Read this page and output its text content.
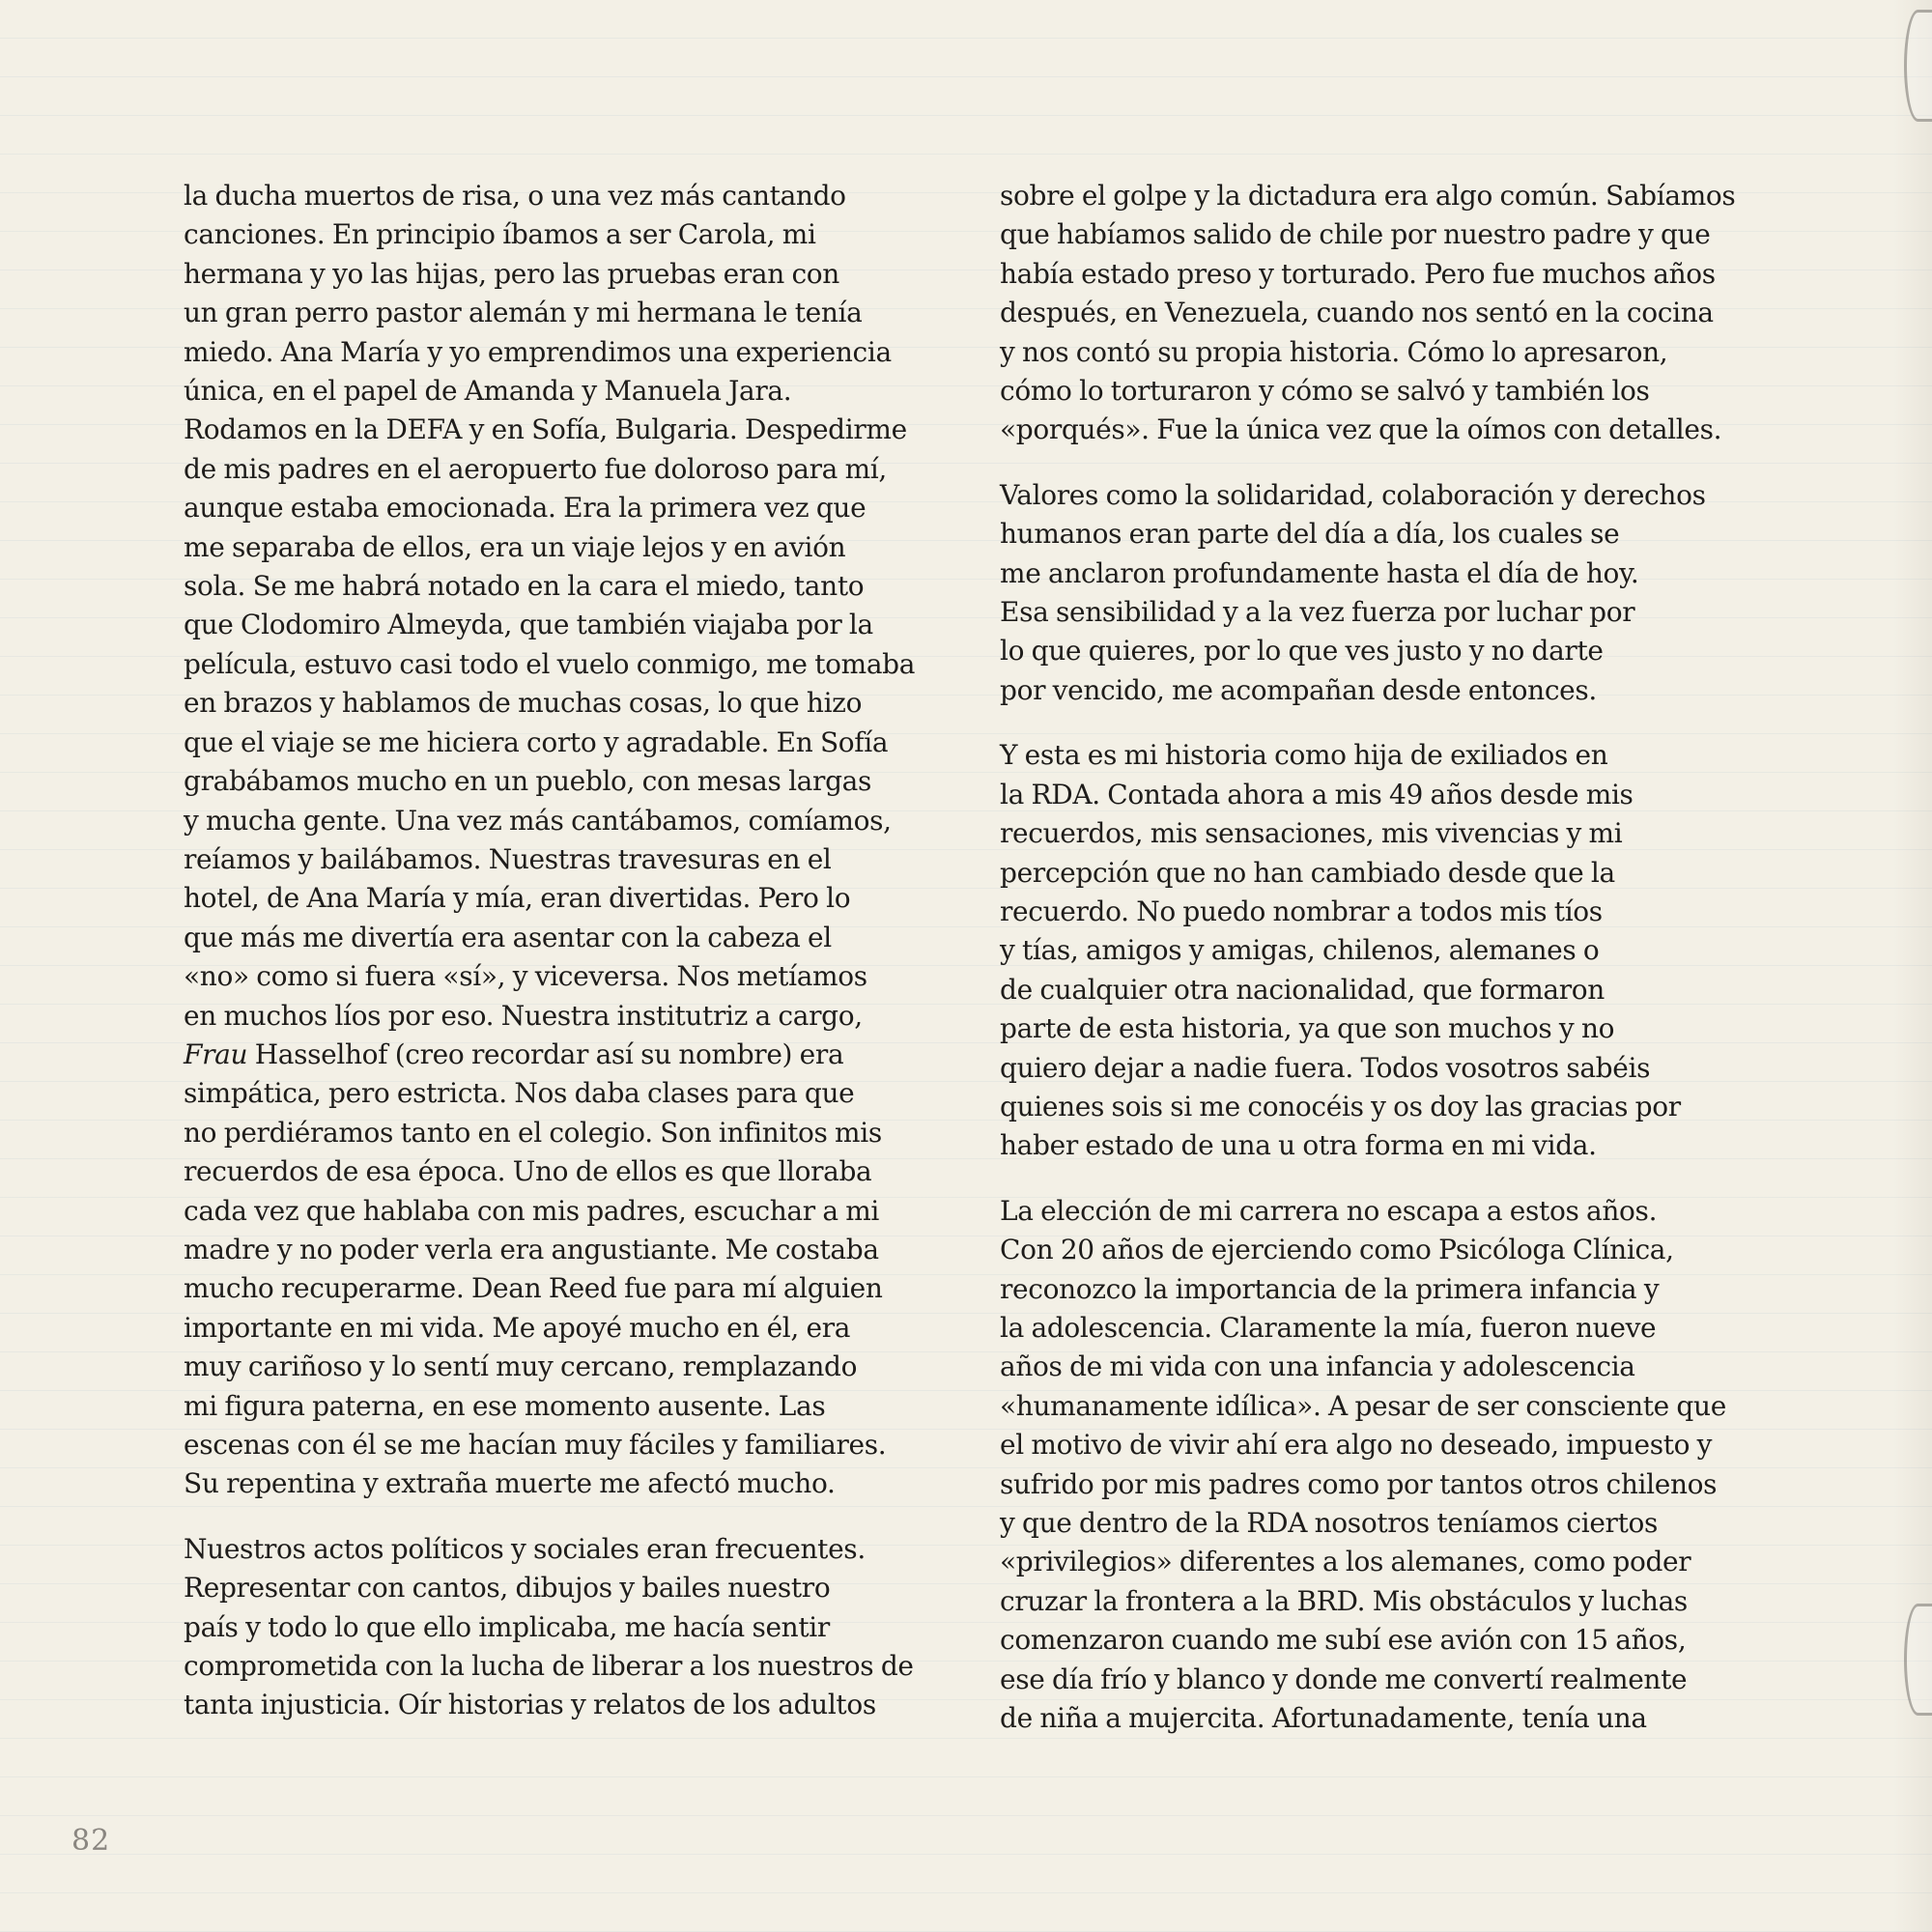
la ducha muertos de risa, o una vez más cantando
canciones. En principio íbamos a ser Carola, mi
hermana y yo las hijas, pero las pruebas eran con
un gran perro pastor alemán y mi hermana le tenía
miedo. Ana María y yo emprendimos una experiencia
única, en el papel de Amanda y Manuela Jara.
Rodamos en la DEFA y en Sofía, Bulgaria. Despedirme
de mis padres en el aeropuerto fue doloroso para mí,
aunque estaba emocionada. Era la primera vez que
me separaba de ellos, era un viaje lejos y en avión
sola. Se me habrá notado en la cara el miedo, tanto
que Clodomiro Almeyda, que también viajaba por la
película, estuvo casi todo el vuelo conmigo, me tomaba
en brazos y hablamos de muchas cosas, lo que hizo
que el viaje se me hiciera corto y agradable. En Sofía
grabábamos mucho en un pueblo, con mesas largas
y mucha gente. Una vez más cantábamos, comíamos,
reíamos y bailábamos. Nuestras travesuras en el
hotel, de Ana María y mía, eran divertidas. Pero lo
que más me divertía era asentar con la cabeza el
«no» como si fuera «sí», y viceversa. Nos metíamos
en muchos líos por eso. Nuestra institutriz a cargo,
Frau Hasselhof (creo recordar así su nombre) era
simpática, pero estricta. Nos daba clases para que
no perdiéramos tanto en el colegio. Son infinitos mis
recuerdos de esa época. Uno de ellos es que lloraba
cada vez que hablaba con mis padres, escuchar a mi
madre y no poder verla era angustiante. Me costaba
mucho recuperarme. Dean Reed fue para mí alguien
importante en mi vida. Me apoyé mucho en él, era
muy cariñoso y lo sentí muy cercano, remplazando
mi figura paterna, en ese momento ausente. Las
escenas con él se me hacían muy fáciles y familiares.
Su repentina y extraña muerte me afectó mucho.
Nuestros actos políticos y sociales eran frecuentes.
Representar con cantos, dibujos y bailes nuestro
país y todo lo que ello implicaba, me hacía sentir
comprometida con la lucha de liberar a los nuestros de
tanta injusticia. Oír historias y relatos de los adultos
sobre el golpe y la dictadura era algo común. Sabíamos
que habíamos salido de chile por nuestro padre y que
había estado preso y torturado. Pero fue muchos años
después, en Venezuela, cuando nos sentó en la cocina
y nos contó su propia historia. Cómo lo apresaron,
cómo lo torturaron y cómo se salvó y también los
«porqués». Fue la única vez que la oímos con detalles.
Valores como la solidaridad, colaboración y derechos
humanos eran parte del día a día, los cuales se
me anclaron profundamente hasta el día de hoy.
Esa sensibilidad y a la vez fuerza por luchar por
lo que quieres, por lo que ves justo y no darte
por vencido, me acompañan desde entonces.
Y esta es mi historia como hija de exiliados en
la RDA. Contada ahora a mis 49 años desde mis
recuerdos, mis sensaciones, mis vivencias y mi
percepción que no han cambiado desde que la
recuerdo. No puedo nombrar a todos mis tíos
y tías, amigos y amigas, chilenos, alemanes o
de cualquier otra nacionalidad, que formaron
parte de esta historia, ya que son muchos y no
quiero dejar a nadie fuera. Todos vosotros sabéis
quienes sois si me conocéis y os doy las gracias por
haber estado de una u otra forma en mi vida.
La elección de mi carrera no escapa a estos años.
Con 20 años de ejerciendo como Psicóloga Clínica,
reconozco la importancia de la primera infancia y
la adolescencia. Claramente la mía, fueron nueve
años de mi vida con una infancia y adolescencia
«humanamente idílica». A pesar de ser consciente que
el motivo de vivir ahí era algo no deseado, impuesto y
sufrido por mis padres como por tantos otros chilenos
y que dentro de la RDA nosotros teníamos ciertos
«privilegios» diferentes a los alemanes, como poder
cruzar la frontera a la BRD. Mis obstáculos y luchas
comenzaron cuando me subí ese avión con 15 años,
ese día frío y blanco y donde me convertí realmente
de niña a mujercita. Afortunadamente, tenía una
82
